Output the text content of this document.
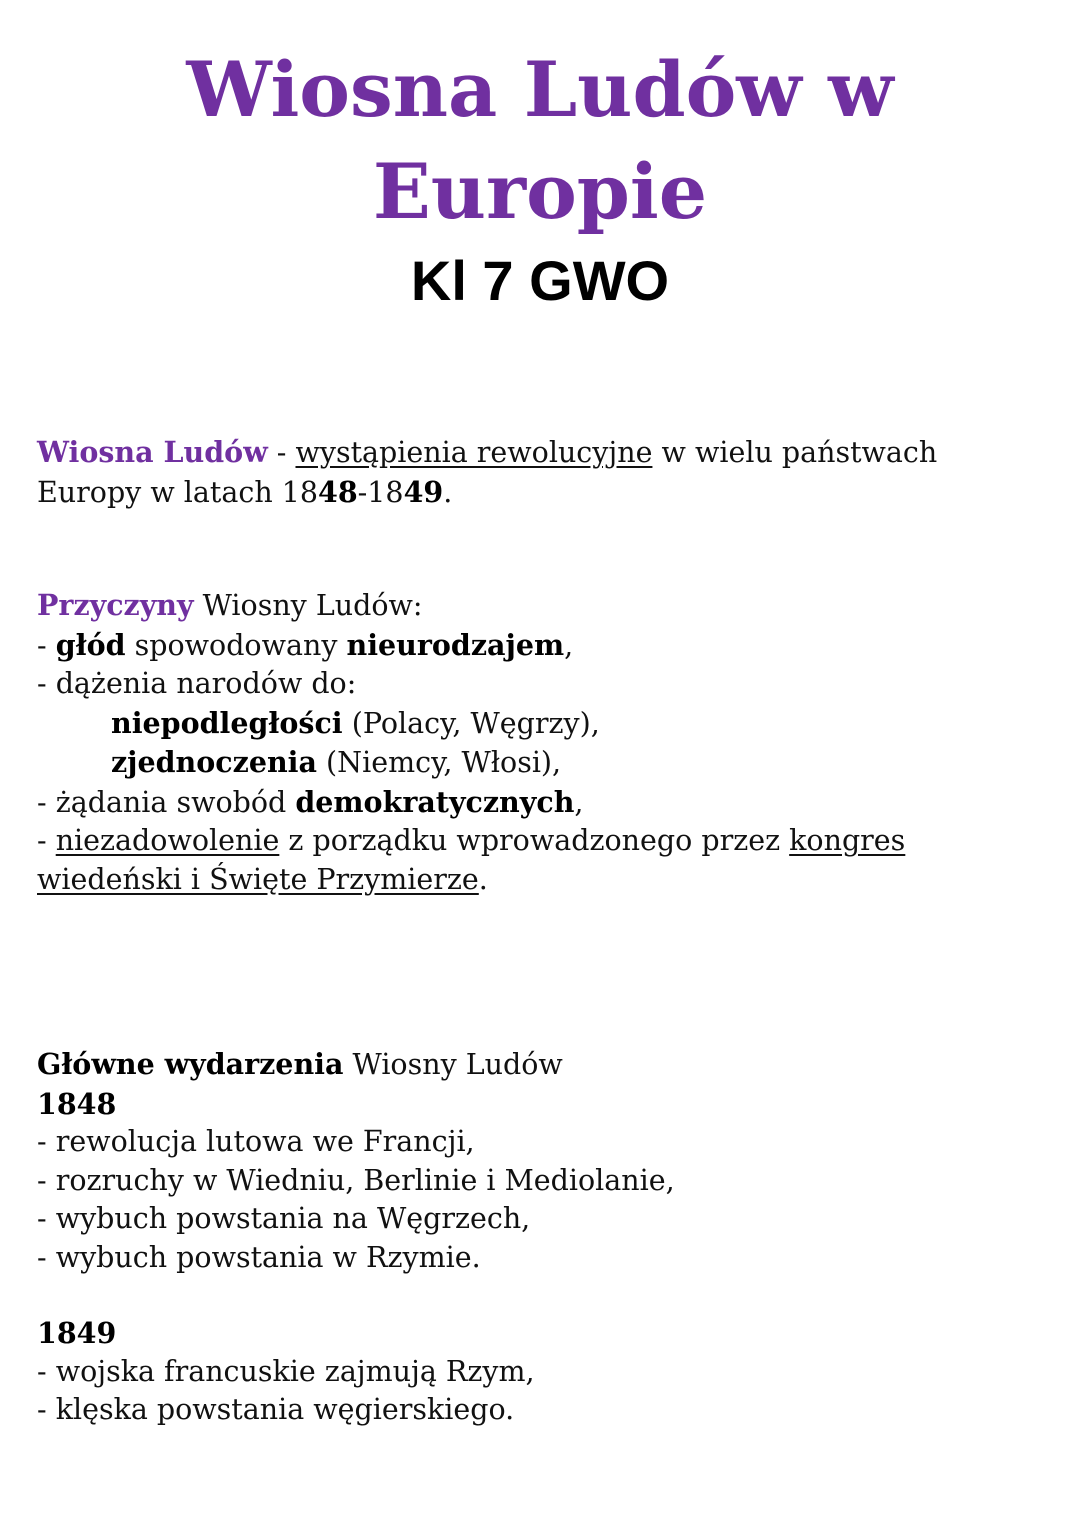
Wiosna Ludów w
Europie
Kl 7 GWO
Wiosna Ludów - wystąpienia rewolucyjne w wielu państwach
Europy w latach 1848-1849.
Przyczyny Wiosny Ludów:
- głód spowodowany nieurodzajem,
- dążenia narodów do:
niepodległości (Polacy, Węgrzy),
zjednoczenia (Niemcy, Włosi),
- żądania swobód demokratycznych,
- niezadowolenie z porządku wprowadzonego przez kongres
wiedeński i Święte Przymierze.
Główne wydarzenia Wiosny Ludów
1848
- rewolucja lutowa we Francji,
- rozruchy w Wiedniu, Berlinie i Mediolanie,
- wybuch powstania na Węgrzech,
- wybuch powstania w Rzymie.
1849
- wojska francuskie zajmują Rzym,
- klęska powstania węgierskiego.
